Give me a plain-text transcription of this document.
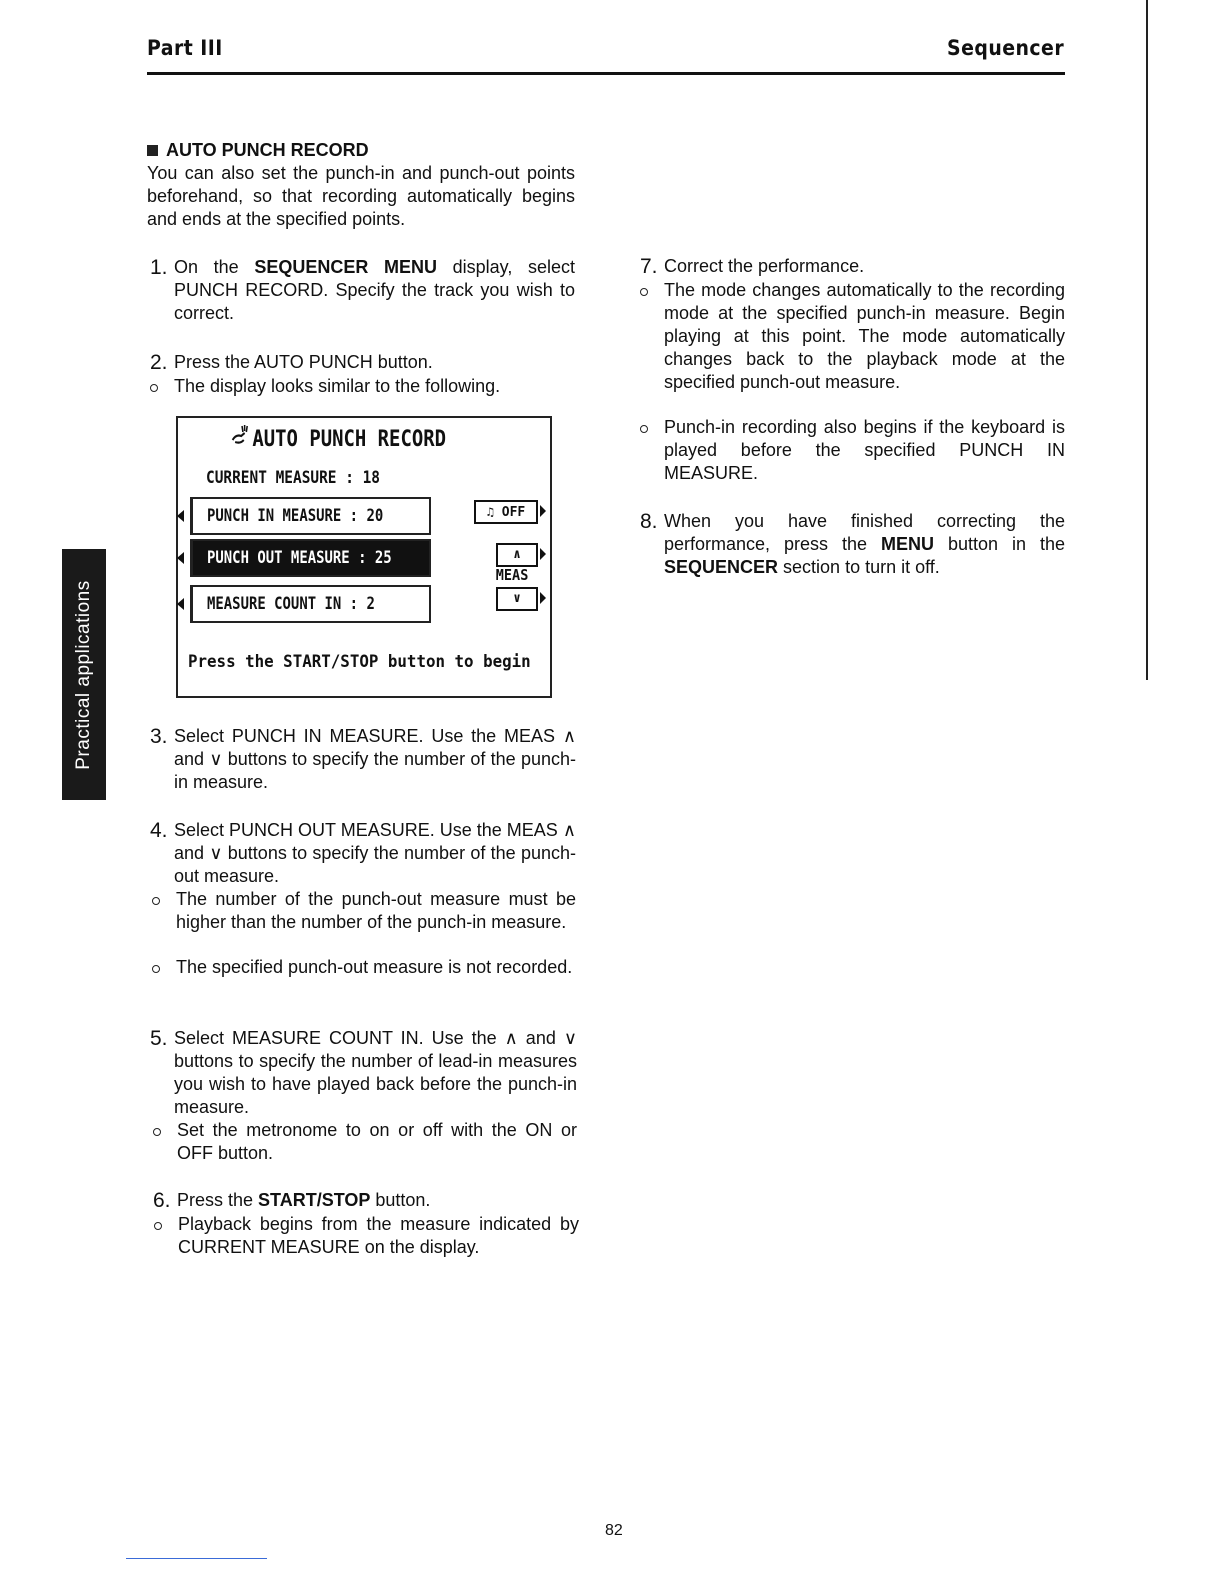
Part III	Sequencer
Practical applications
AUTO PUNCH RECORD

You can also set the punch-in and punch-out points beforehand, so that recording automatically begins and ends at the specified points.

1. On the SEQUENCER MENU display, select PUNCH RECORD. Specify the track you wish to correct.
2. Press the AUTO PUNCH button.
The display looks similar to the following.
AUTO PUNCH RECORD
CURRENT MEASURE : 18
PUNCH IN MEASURE : 20
PUNCH OUT MEASURE : 25
MEASURE COUNT IN : 2
♫ OFF
∧
MEAS
∨
Press the START/STOP button to begin
3. Select PUNCH IN MEASURE. Use the MEAS ∧ and ∨ buttons to specify the number of the punch-in measure.
4. Select PUNCH OUT MEASURE. Use the MEAS ∧ and ∨ buttons to specify the number of the punch-out measure.
The number of the punch-out measure must be higher than the number of the punch-in measure.
The specified punch-out measure is not recorded.
5. Select MEASURE COUNT IN. Use the ∧ and ∨ buttons to specify the number of lead-in measures you wish to have played back before the punch-in measure.
Set the metronome to on or off with the ON or OFF button.
6. Press the START/STOP button.
Playback begins from the measure indicated by CURRENT MEASURE on the display.
7. Correct the performance.
The mode changes automatically to the recording mode at the specified punch-in measure. Begin playing at this point. The mode automatically changes back to the playback mode at the specified punch-out measure.
Punch-in recording also begins if the keyboard is played before the specified PUNCH IN MEASURE.
8. When you have finished correcting the performance, press the MENU button in the SEQUENCER section to turn it off.
82
